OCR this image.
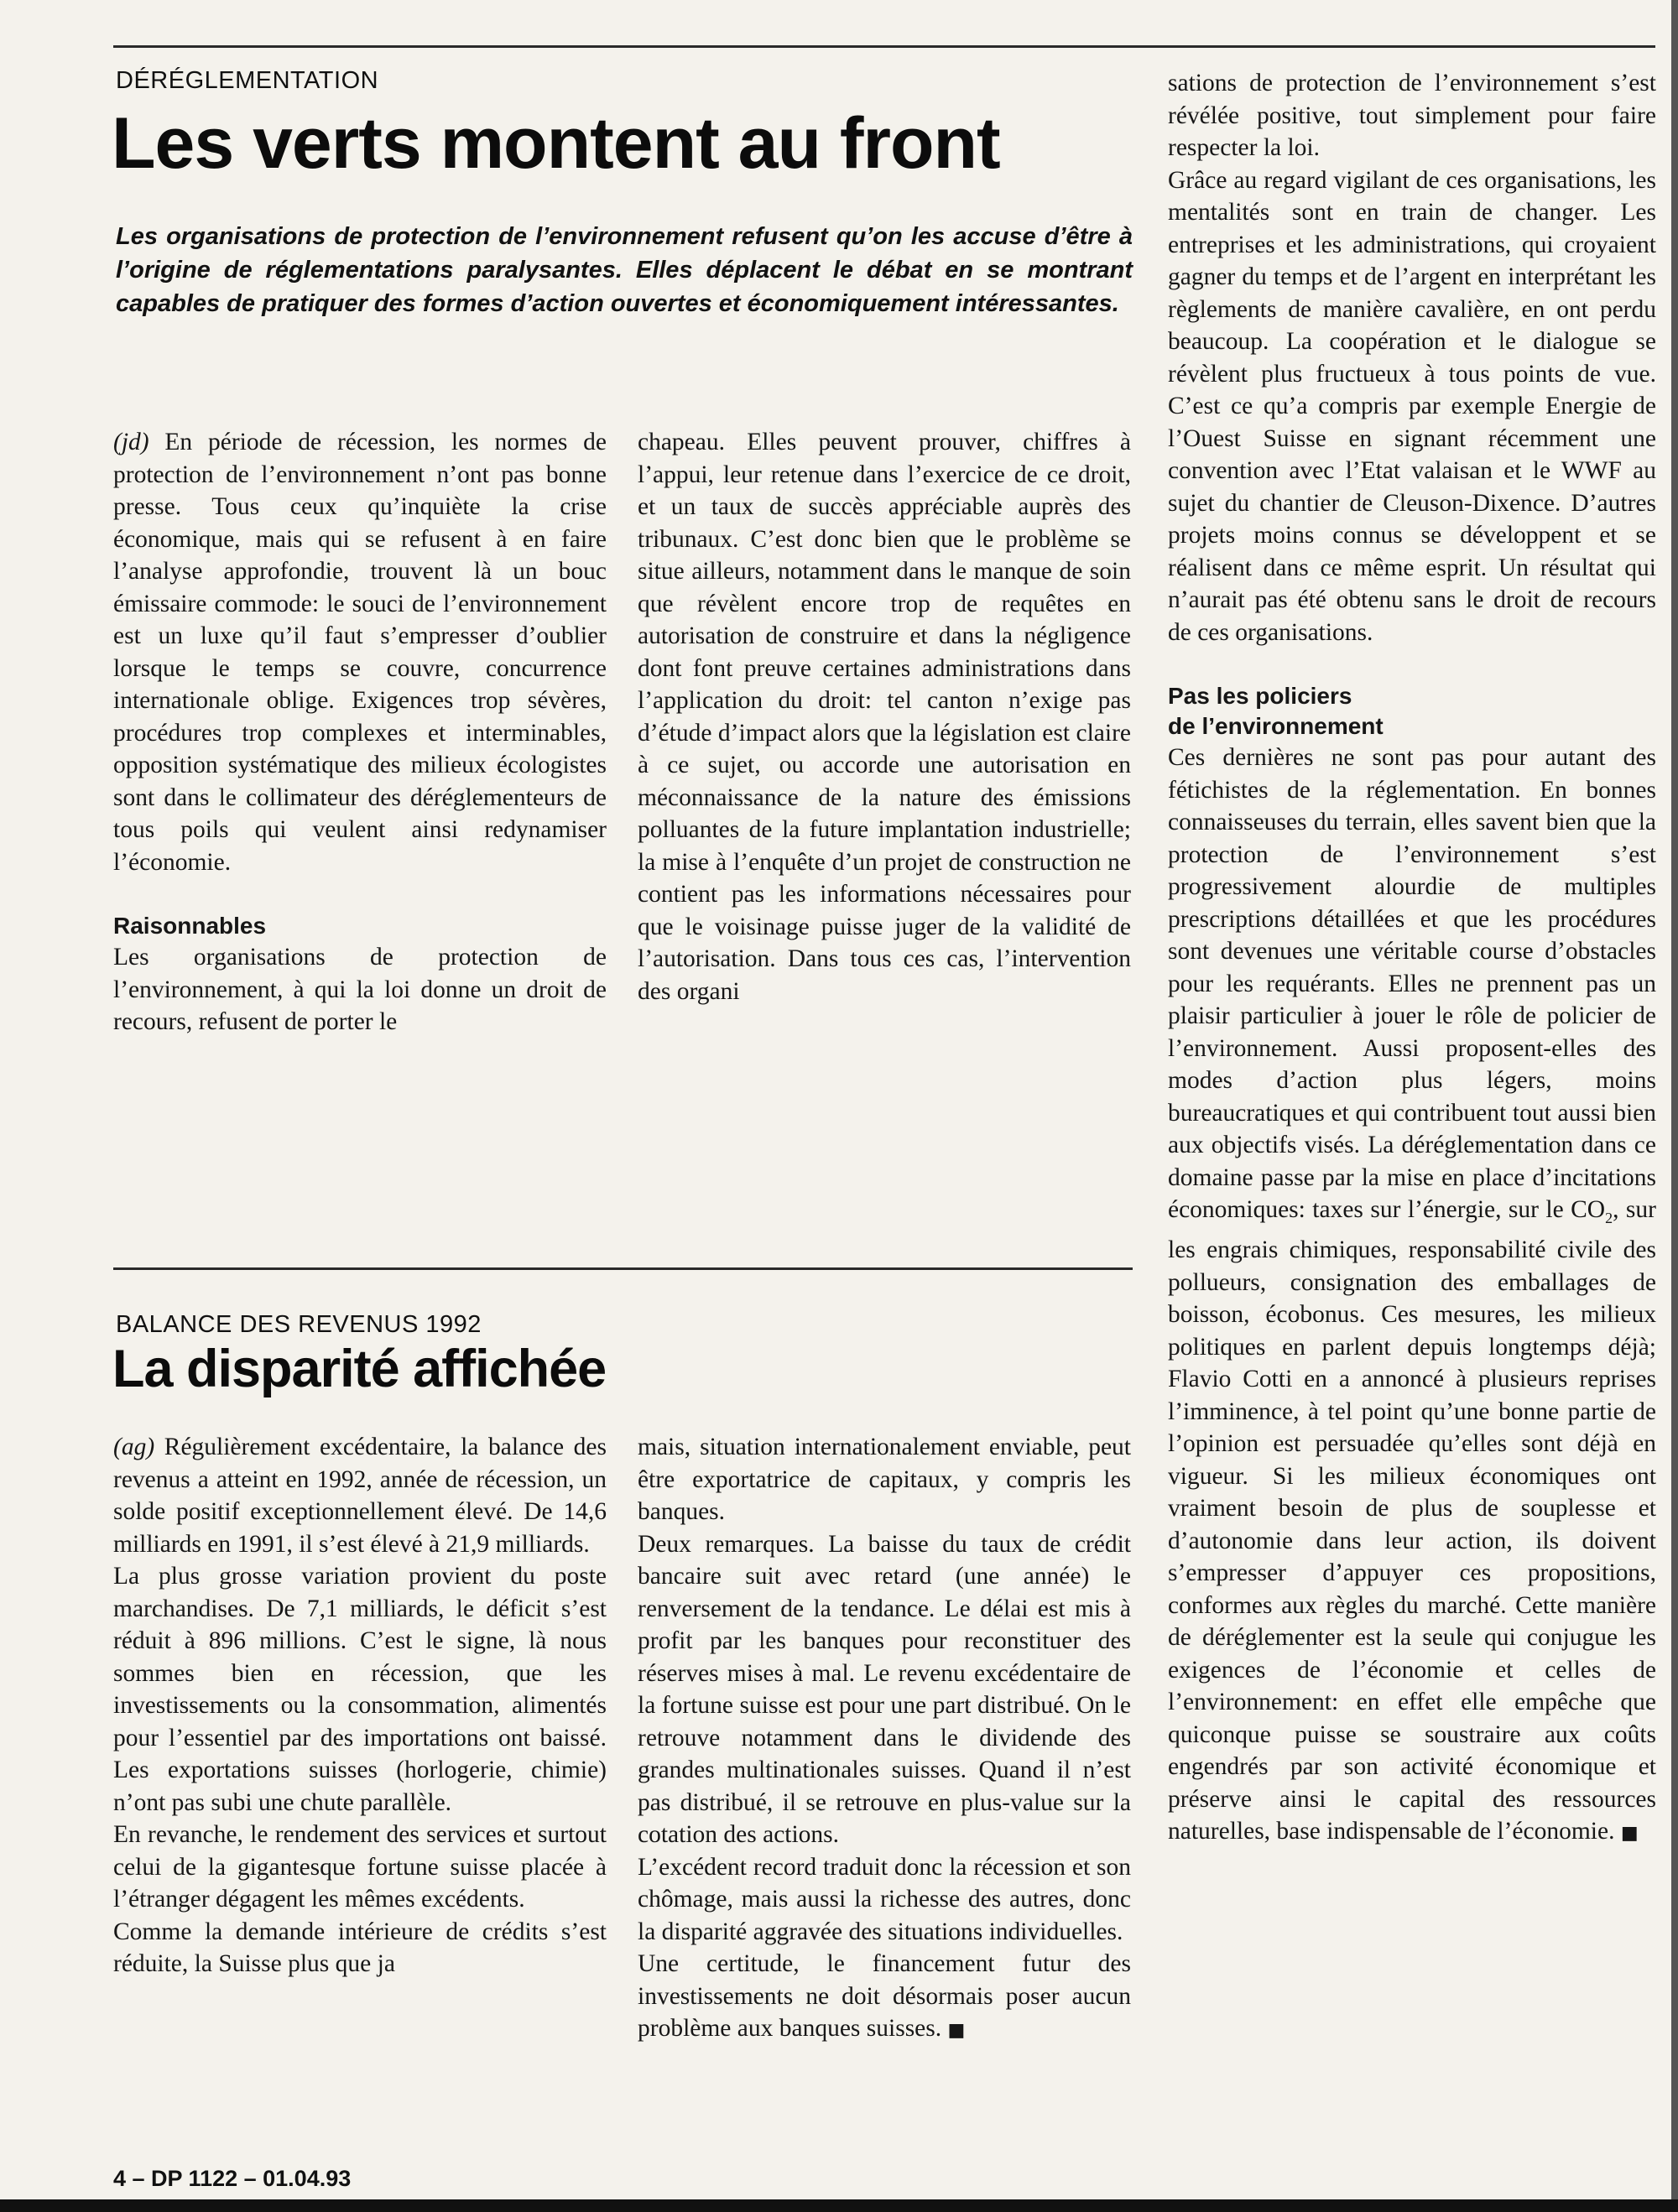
DÉRÉGLEMENTATION
Les verts montent au front
Les organisations de protection de l’environnement refusent qu’on les accuse d’être à l’origine de réglementations paralysantes. Elles déplacent le débat en se montrant capables de pratiquer des formes d’action ouvertes et économiquement intéressantes.

(jd) En période de récession, les normes de protection de l’environnement n’ont pas bonne presse. Tous ceux qu’inquiète la crise économique, mais qui se refusent à en faire l’analyse approfondie, trouvent là un bouc émissaire commode: le souci de l’environnement est un luxe qu’il faut s’empresser d’oublier lorsque le temps se couvre, concurrence internationale oblige. Exigences trop sévères, procédures trop complexes et interminables, opposition systématique des milieux écologistes sont dans le collimateur des déréglementeurs de tous poils qui veulent ainsi redynamiser l’économie.

Raisonnables

Les organisations de protection de l’environnement, à qui la loi donne un droit de recours, refusent de porter le

chapeau. Elles peuvent prouver, chiffres à l’appui, leur retenue dans l’exercice de ce droit, et un taux de succès appréciable auprès des tribunaux. C’est donc bien que le problème se situe ailleurs, notamment dans le manque de soin que révèlent encore trop de requêtes en autorisation de construire et dans la négligence dont font preuve certaines administrations dans l’application du droit: tel canton n’exige pas d’étude d’impact alors que la législation est claire à ce sujet, ou accorde une autorisation en méconnaissance de la nature des émissions polluantes de la future implantation industrielle; la mise à l’enquête d’un projet de construction ne contient pas les informations nécessaires pour que le voisinage puisse juger de la validité de l’autorisation. Dans tous ces cas, l’intervention des organi

sations de protection de l’environnement s’est révélée positive, tout simplement pour faire respecter la loi.

Grâce au regard vigilant de ces organisations, les mentalités sont en train de changer. Les entreprises et les administrations, qui croyaient gagner du temps et de l’argent en interprétant les règlements de manière cavalière, en ont perdu beaucoup. La coopération et le dialogue se révèlent plus fructueux à tous points de vue. C’est ce qu’a compris par exemple Energie de l’Ouest Suisse en signant récemment une convention avec l’Etat valaisan et le WWF au sujet du chantier de Cleuson-Dixence. D’autres projets moins connus se développent et se réalisent dans ce même esprit. Un résultat qui n’aurait pas été obtenu sans le droit de recours de ces organisations.

Pas les policiers
de l’environnement

Ces dernières ne sont pas pour autant des fétichistes de la réglementation. En bonnes connaisseuses du terrain, elles savent bien que la protection de l’environnement s’est progressivement alourdie de multiples prescriptions détaillées et que les procédures sont devenues une véritable course d’obstacles pour les requérants. Elles ne prennent pas un plaisir particulier à jouer le rôle de policier de l’environnement. Aussi proposent-elles des modes d’action plus légers, moins bureaucratiques et qui contribuent tout aussi bien aux objectifs visés. La déréglementation dans ce domaine passe par la mise en place d’incitations économiques: taxes sur l’énergie, sur le $CO_2$, sur les engrais chimiques, responsabilité civile des pollueurs, consignation des emballages de boisson, écobonus. Ces mesures, les milieux politiques en parlent depuis longtemps déjà; Flavio Cotti en a annoncé à plusieurs reprises l’imminence, à tel point qu’une bonne partie de l’opinion est persuadée qu’elles sont déjà en vigueur. Si les milieux économiques ont vraiment besoin de plus de souplesse et d’autonomie dans leur action, ils doivent s’empresser d’appuyer ces propositions, conformes aux règles du marché. Cette manière de déréglementer est la seule qui conjugue les exigences de l’économie et celles de l’environnement: en effet elle empêche que quiconque puisse se soustraire aux coûts engendrés par son activité économique et préserve ainsi le capital des ressources naturelles, base indispensable de l’économie. ■

BALANCE DES REVENUS 1992
La disparité affichée

(ag) Régulièrement excédentaire, la balance des revenus a atteint en 1992, année de récession, un solde positif exceptionnellement élevé. De 14,6 milliards en 1991, il s’est élevé à 21,9 milliards.

La plus grosse variation provient du poste marchandises. De 7,1 milliards, le déficit s’est réduit à 896 millions. C’est le signe, là nous sommes bien en récession, que les investissements ou la consommation, alimentés pour l’essentiel par des importations ont baissé. Les exportations suisses (horlogerie, chimie) n’ont pas subi une chute parallèle.

En revanche, le rendement des services et surtout celui de la gigantesque fortune suisse placée à l’étranger dégagent les mêmes excédents.

Comme la demande intérieure de crédits s’est réduite, la Suisse plus que ja

mais, situation internationalement enviable, peut être exportatrice de capitaux, y compris les banques.

Deux remarques. La baisse du taux de crédit bancaire suit avec retard (une année) le renversement de la tendance. Le délai est mis à profit par les banques pour reconstituer des réserves mises à mal. Le revenu excédentaire de la fortune suisse est pour une part distribué. On le retrouve notamment dans le dividende des grandes multinationales suisses. Quand il n’est pas distribué, il se retrouve en plus-value sur la cotation des actions.

L’excédent record traduit donc la récession et son chômage, mais aussi la richesse des autres, donc la disparité aggravée des situations individuelles.

Une certitude, le financement futur des investissements ne doit désormais poser aucun problème aux banques suisses. ■

4 – DP 1122 – 01.04.93
